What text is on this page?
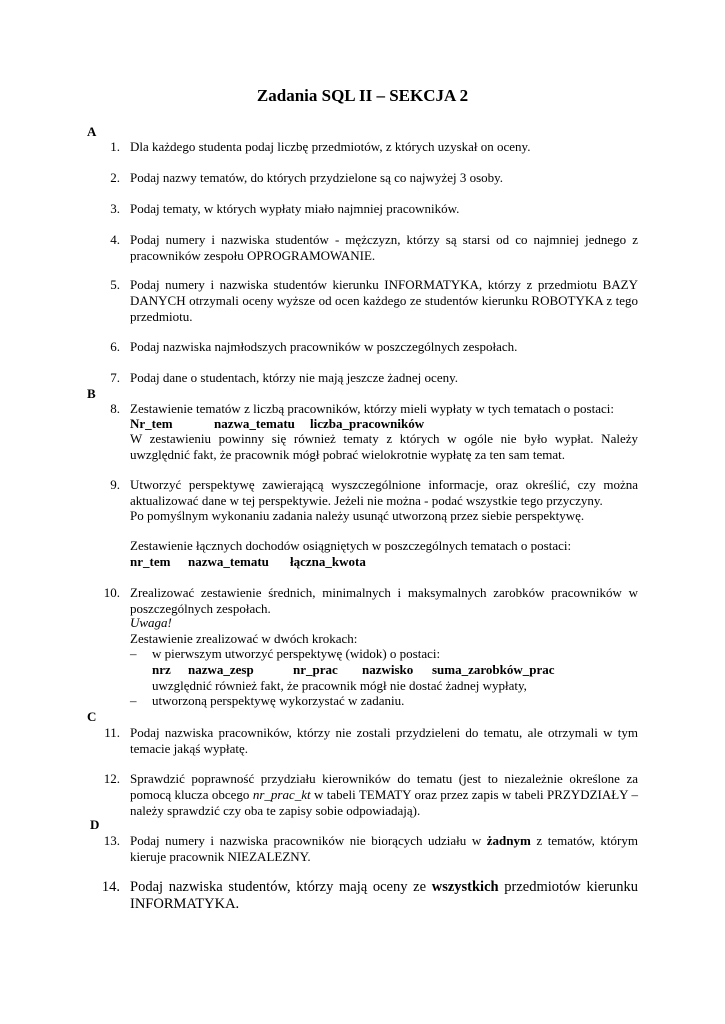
Zadania SQL II – SEKCJA 2
A
1. Dla każdego studenta podaj liczbę przedmiotów, z których uzyskał on oceny.
2. Podaj nazwy tematów, do których przydzielone są co najwyżej 3 osoby.
3. Podaj tematy, w których wypłaty miało najmniej pracowników.
4. Podaj numery i nazwiska studentów - mężczyzn, którzy są starsi od co najmniej jednego z pracowników zespołu OPROGRAMOWANIE.
5. Podaj numery i nazwiska studentów kierunku INFORMATYKA, którzy z przedmiotu BAZY DANYCH otrzymali oceny wyższe od ocen każdego ze studentów kierunku ROBOTYKA z tego przedmiotu.
6. Podaj nazwiska najmłodszych pracowników w poszczególnych zespołach.
7. Podaj dane o studentach, którzy nie mają jeszcze żadnej oceny.
B
8. Zestawienie tematów z liczbą pracowników, którzy mieli wypłaty w tych tematach o postaci:
Nr_tem	nazwa_tematu liczba_pracowników
W zestawieniu powinny się również tematy z których w ogóle nie było wypłat. Należy uwzględnić fakt, że pracownik mógł pobrać wielokrotnie wypłatę za ten sam temat.
9. Utworzyć perspektywę zawierającą wyszczególnione informacje, oraz określić, czy można aktualizować dane w tej perspektywie. Jeżeli nie można - podać wszystkie tego przyczyny.
Po pomyślnym wykonaniu zadania należy usunąć utworzoną przez siebie perspektywę.
Zestawienie łącznych dochodów osiągniętych w poszczególnych tematach o postaci:
nr_tem nazwa_tematu łączna_kwota
10. Zrealizować zestawienie średnich, minimalnych i maksymalnych zarobków pracowników w poszczególnych zespołach.
Uwaga!
Zestawienie zrealizować w dwóch krokach:
– w pierwszym utworzyć perspektywę (widok) o postaci:
nrz nazwa_zesp	nr_prac nazwisko suma_zarobków_prac
uwzględnić również fakt, że pracownik mógł nie dostać żadnej wypłaty,
– utworzoną perspektywę wykorzystać w zadaniu.
C
11. Podaj nazwiska pracowników, którzy nie zostali przydzieleni do tematu, ale otrzymali w tym temacie jakąś wypłatę.
12. Sprawdzić poprawność przydziału kierowników do tematu (jest to niezależnie określone za pomocą klucza obcego nr_prac_kt w tabeli TEMATY oraz przez zapis w tabeli PRZYDZIAŁY – należy sprawdzić czy oba te zapisy sobie odpowiadają).
D
13. Podaj numery i nazwiska pracowników nie biorących udziału w żadnym z tematów, którym kieruje pracownik NIEZALEZNY.
14. Podaj nazwiska studentów, którzy mają oceny ze wszystkich przedmiotów kierunku INFORMATYKA.
